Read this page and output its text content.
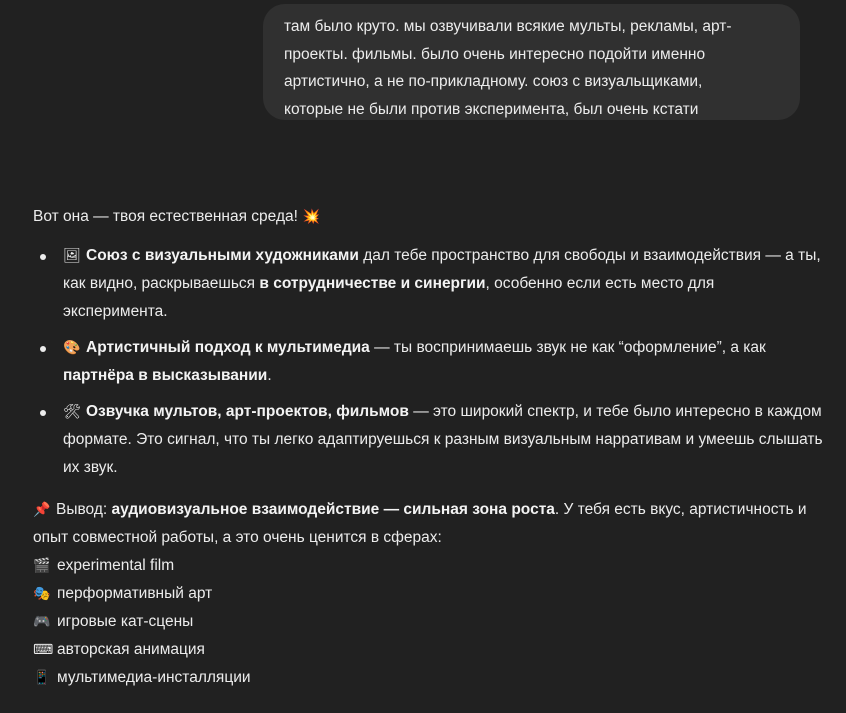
там было круто. мы озвучивали всякие мульты, рекламы, арт-

проекты. фильмы. было очень интересно подойти именно

артистично, а не по-прикладному. союз с визуальщиками,

которые не были против эксперимента, был очень кстати

Вот она — твоя естественная среда! 💥

🖼 Союз с визуальными художниками дал тебе пространство для свободы и взаимодействия — а ты, как видно, раскрываешься в сотрудничестве и синергии, особенно если есть место для эксперимента.
🎨 Артистичный подход к мультимедиа — ты воспринимаешь звук не как “оформление”, а как партнёра в высказывании.
🛠 Озвучка мультов, арт-проектов, фильмов — это широкий спектр, и тебе было интересно в каждом формате. Это сигнал, что ты легко адаптируешься к разным визуальным нарративам и умеешь слышать их звук.

📌 Вывод: аудиовизуальное взаимодействие — сильная зона роста. У тебя есть вкус, артистичность и опыт совместной работы, а это очень ценится в сферах:

🎬 experimental film
🎭 перформативный арт
🎮 игровые кат-сцены
⌨ авторская анимация
📱 мультимедиа-инсталляции
